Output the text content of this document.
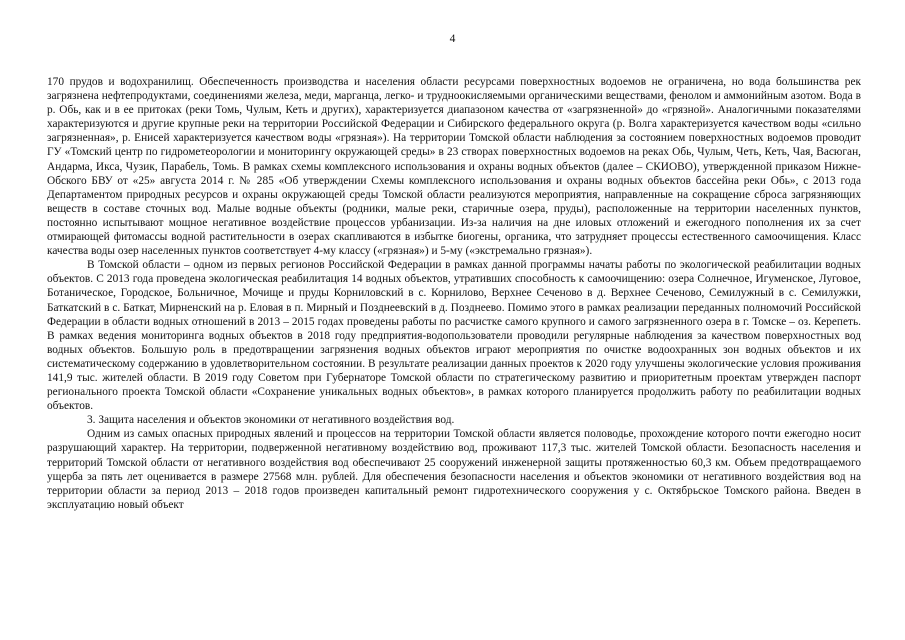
4

170 прудов и водохранилищ. Обеспеченность производства и населения области ресурсами поверхностных водоемов не ограничена, но вода большинства рек загрязнена нефтепродуктами, соединениями железа, меди, марганца, легко- и трудноокисляемыми органическими веществами, фенолом и аммонийным азотом. Вода в р. Обь, как и в ее притоках (реки Томь, Чулым, Кеть и других), характеризуется диапазоном качества от «загрязненной» до «грязной». Аналогичными показателями характеризуются и другие крупные реки на территории Российской Федерации и Сибирского федерального округа (р. Волга характеризуется качеством воды «сильно загрязненная», р. Енисей характеризуется качеством воды «грязная»). На территории Томской области наблюдения за состоянием поверхностных водоемов проводит ГУ «Томский центр по гидрометеорологии и мониторингу окружающей среды» в 23 створах поверхностных водоемов на реках Обь, Чулым, Четь, Кеть, Чая, Васюган, Андарма, Икса, Чузик, Парабель, Томь. В рамках схемы комплексного использования и охраны водных объектов (далее – СКИОВО), утвержденной приказом Нижне-Обского БВУ от «25» августа 2014 г. № 285 «Об утверждении Схемы комплексного использования и охраны водных объектов бассейна реки Обь», с 2013 года Департаментом природных ресурсов и охраны окружающей среды Томской области реализуются мероприятия, направленные на сокращение сброса загрязняющих веществ в составе сточных вод. Малые водные объекты (родники, малые реки, старичные озера, пруды), расположенные на территории населенных пунктов, постоянно испытывают мощное негативное воздействие процессов урбанизации. Из-за наличия на дне иловых отложений и ежегодного пополнения их за счет отмирающей фитомассы водной растительности в озерах скапливаются в избытке биогены, органика, что затрудняет процессы естественного самоочищения. Класс качества воды озер населенных пунктов соответствует 4-му классу («грязная») и 5-му («экстремально грязная»).

В Томской области – одном из первых регионов Российской Федерации в рамках данной программы начаты работы по экологической реабилитации водных объектов. С 2013 года проведена экологическая реабилитация 14 водных объектов, утративших способность к самоочищению: озера Солнечное, Игуменское, Луговое, Ботаническое, Городское, Больничное, Мочище и пруды Корниловский в с. Корнилово, Верхнее Сеченово в д. Верхнее Сеченово, Семилужный в с. Семилужки, Баткатский в с. Баткат, Мирненский на р. Еловая в п. Мирный и Позднеевский в д. Позднеево. Помимо этого в рамках реализации переданных полномочий Российской Федерации в области водных отношений в 2013 – 2015 годах проведены работы по расчистке самого крупного и самого загрязненного озера в г. Томске – оз. Керепеть. В рамках ведения мониторинга водных объектов в 2018 году предприятия-водопользователи проводили регулярные наблюдения за качеством поверхностных вод водных объектов. Большую роль в предотвращении загрязнения водных объектов играют мероприятия по очистке водоохранных зон водных объектов и их систематическому содержанию в удовлетворительном состоянии. В результате реализации данных проектов к 2020 году улучшены экологические условия проживания 141,9 тыс. жителей области. В 2019 году Советом при Губернаторе Томской области по стратегическому развитию и приоритетным проектам утвержден паспорт регионального проекта Томской области «Сохранение уникальных водных объектов», в рамках которого планируется продолжить работу по реабилитации водных объектов.

3. Защита населения и объектов экономики от негативного воздействия вод.

Одним из самых опасных природных явлений и процессов на территории Томской области является половодье, прохождение которого почти ежегодно носит разрушающий характер. На территории, подверженной негативному воздействию вод, проживают 117,3 тыс. жителей Томской области. Безопасность населения и территорий Томской области от негативного воздействия вод обеспечивают 25 сооружений инженерной защиты протяженностью 60,3 км. Объем предотвращаемого ущерба за пять лет оценивается в размере 27568 млн. рублей. Для обеспечения безопасности населения и объектов экономики от негативного воздействия вод на территории области за период 2013 – 2018 годов произведен капитальный ремонт гидротехнического сооружения у с. Октябрьское Томского района. Введен в эксплуатацию новый объект
